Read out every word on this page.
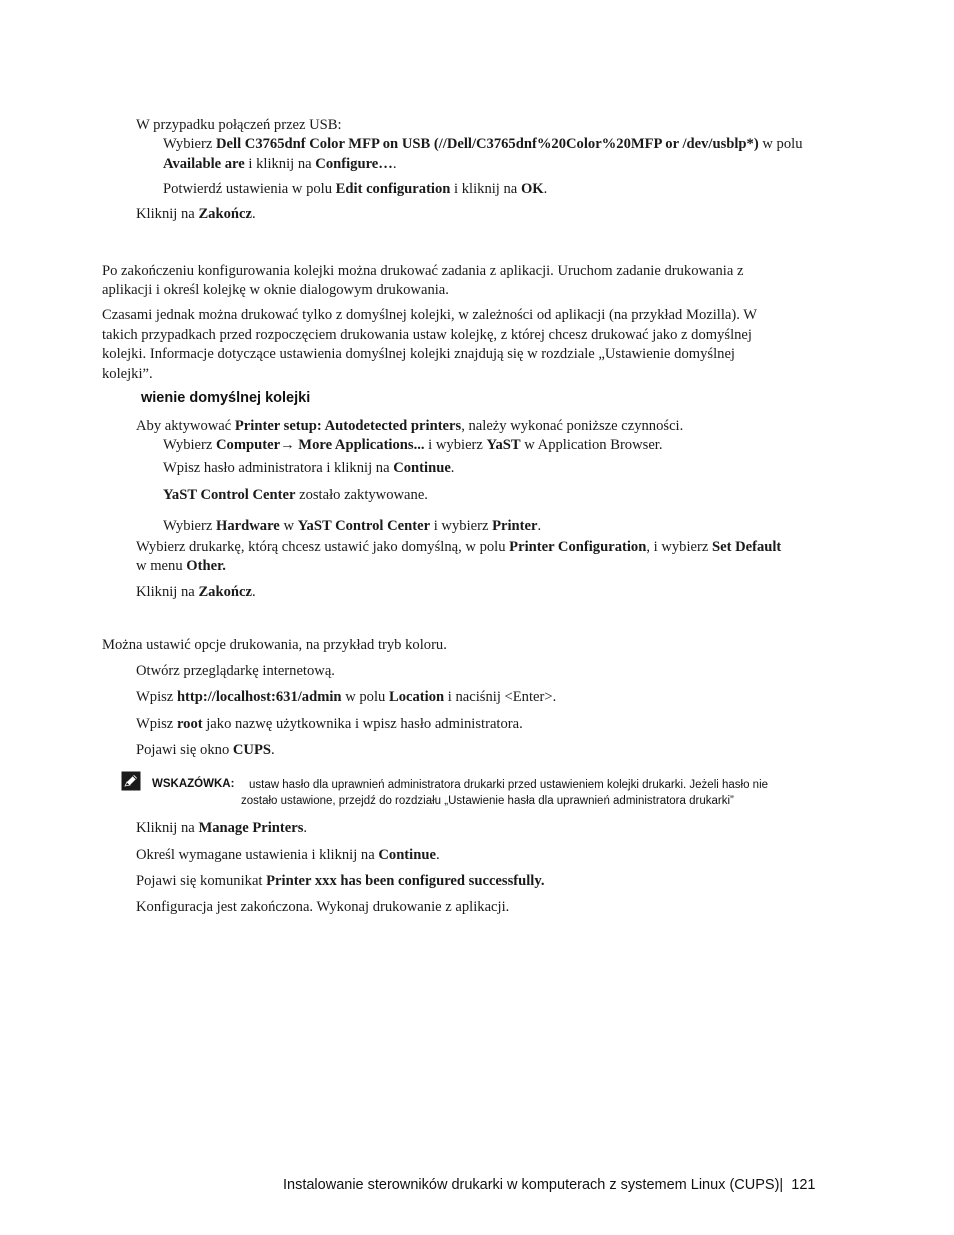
W przypadku połączeń przez USB:
Wybierz Dell C3765dnf Color MFP on USB (//Dell/C3765dnf%20Color%20MFP or /dev/usblp*) w polu
Available are i kliknij na Configure….
Potwierdź ustawienia w polu Edit configuration i kliknij na OK.
Kliknij na Zakończ.
Po zakończeniu konfigurowania kolejki można drukować zadania z aplikacji. Uruchom zadanie drukowania z
aplikacji i określ kolejkę w oknie dialogowym drukowania.
Czasami jednak można drukować tylko z domyślnej kolejki, w zależności od aplikacji (na przykład Mozilla). W
takich przypadkach przed rozpoczęciem drukowania ustaw kolejkę, z której chcesz drukować jako z domyślnej
kolejki. Informacje dotyczące ustawienia domyślnej kolejki znajdują się w rozdziale „Ustawienie domyślnej
kolejki”.
Aby aktywować Printer setup: Autodetected printers, należy wykonać poniższe czynności.
Wybierz Computer→ More Applications... i wybierz YaST w Application Browser.
Wpisz hasło administratora i kliknij na Continue.
YaST Control Center zostało zaktywowane.
Wybierz Hardware w YaST Control Center i wybierz Printer.
Wybierz drukarkę, którą chcesz ustawić jako domyślną, w polu Printer Configuration, i wybierz Set Default
w menu Other.
Kliknij na Zakończ.
Można ustawić opcje drukowania, na przykład tryb koloru.
Otwórz przeglądarkę internetową.
Wpisz http://localhost:631/admin w polu Location i naciśnij <Enter>.
Wpisz root jako nazwę użytkownika i wpisz hasło administratora.
Pojawi się okno CUPS.
Kliknij na Manage Printers.
Określ wymagane ustawienia i kliknij na Continue.
Pojawi się komunikat Printer xxx has been configured successfully.
Konfiguracja jest zakończona. Wykonaj drukowanie z aplikacji.
wienie domyślnej kolejki
WSKAZÓWKA: ustaw hasło dla uprawnień administratora drukarki przed ustawieniem kolejki drukarki. Jeżeli hasło nie
zostało ustawione, przejdź do rozdziału „Ustawienie hasła dla uprawnień administratora drukarki”
Instalowanie sterowników drukarki w komputerach z systemem Linux (CUPS)| 121
